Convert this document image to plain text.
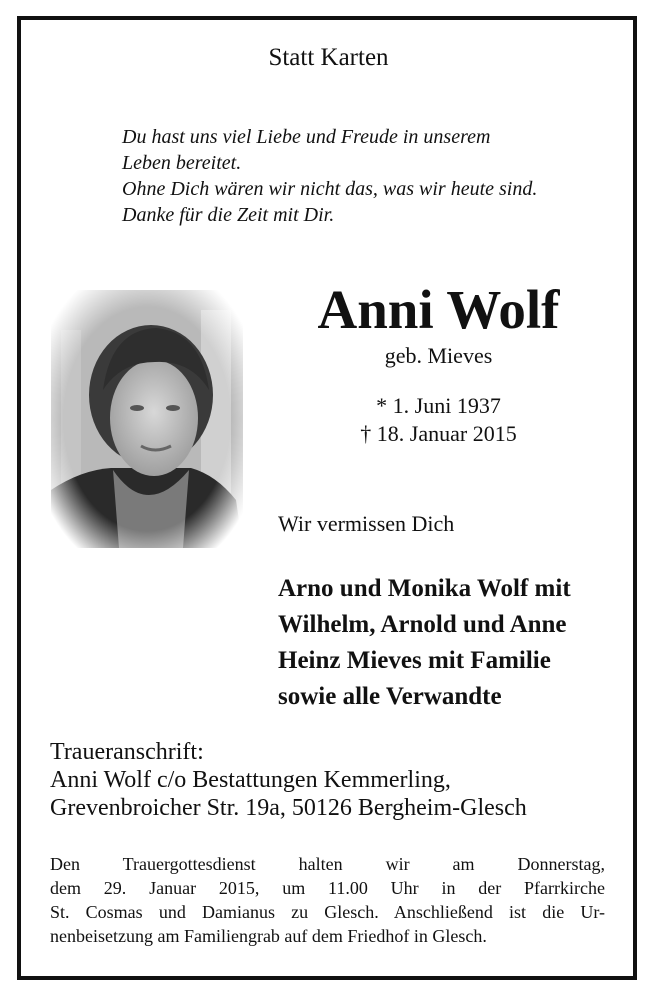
Statt Karten
Du hast uns viel Liebe und Freude in unserem
Leben bereitet.
Ohne Dich wären wir nicht das, was wir heute sind.
Danke für die Zeit mit Dir.
Anni Wolf
geb. Mieves
* 1. Juni 1937
† 18. Januar 2015
Wir vermissen Dich
Arno und Monika Wolf mit
Wilhelm, Arnold und Anne
Heinz Mieves mit Familie
sowie alle Verwandte
Traueranschrift:
Anni Wolf c/o Bestattungen Kemmerling,
Grevenbroicher Str. 19a, 50126 Bergheim-Glesch
Den Trauergottesdienst halten wir am Donnerstag,
dem 29. Januar 2015, um 11.00 Uhr in der Pfarrkirche
St. Cosmas und Damianus zu Glesch. Anschließend ist die Ur-
nenbeisetzung am Familiengrab auf dem Friedhof in Glesch.
